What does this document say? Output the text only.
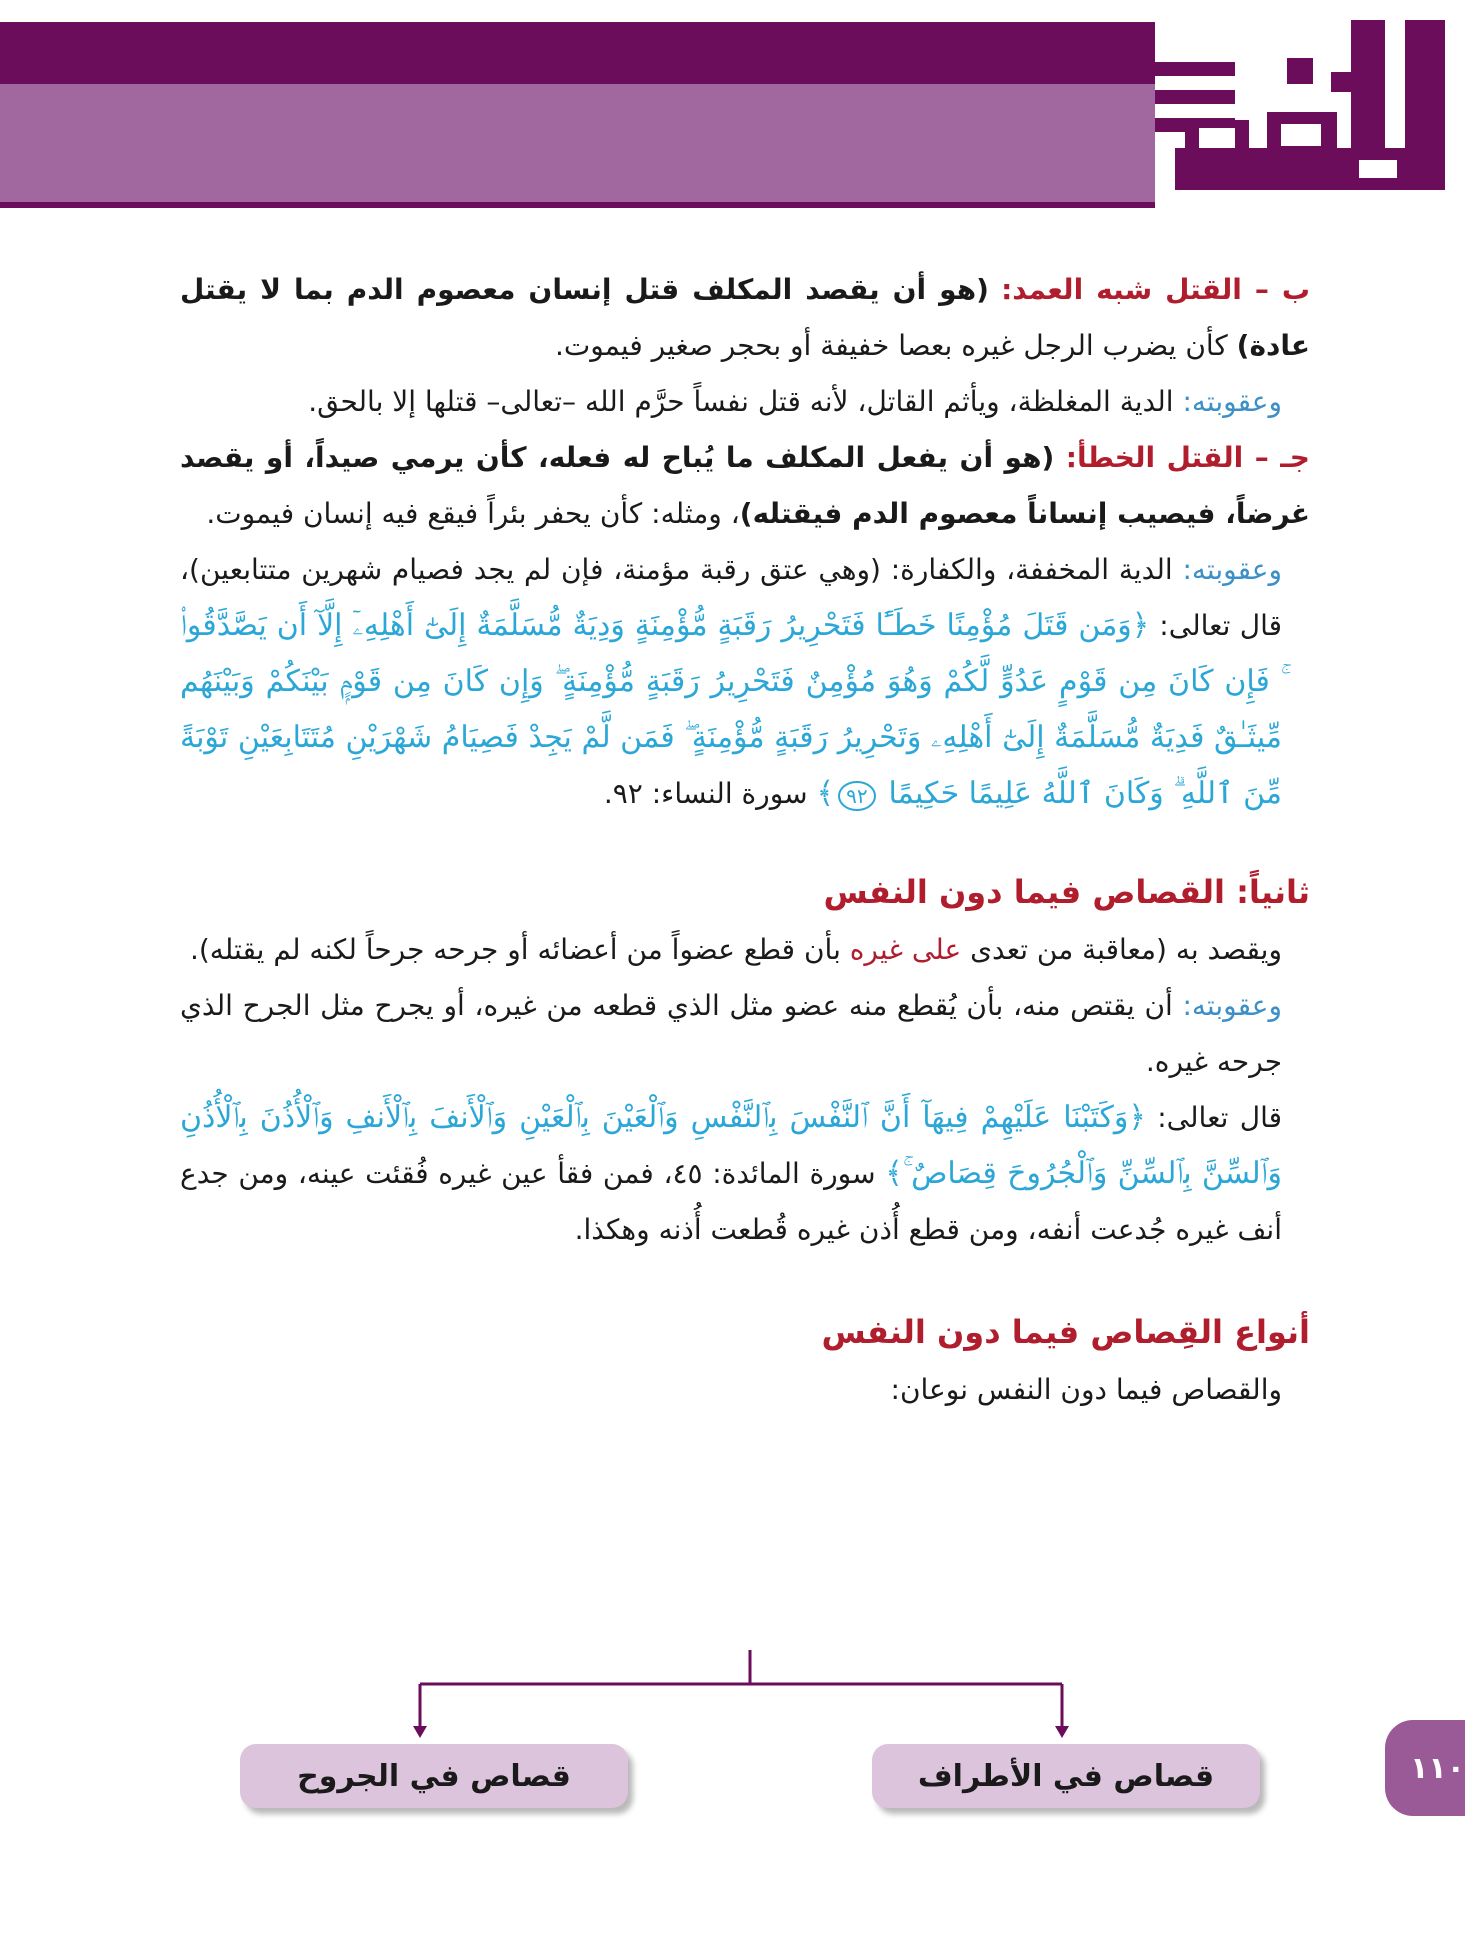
ب – القتل شبه العمد: (هو أن يقصد المكلف قتل إنسان معصوم الدم بما لا يقتل عادة) كأن يضرب الرجل غيره بعصا خفيفة أو بحجر صغير فيموت.

وعقوبته: الدية المغلظة، ويأثم القاتل، لأنه قتل نفساً حرَّم الله –تعالى– قتلها إلا بالحق.

جـ – القتل الخطأ: (هو أن يفعل المكلف ما يُباح له فعله، كأن يرمي صيداً، أو يقصد غرضاً، فيصيب إنساناً معصوم الدم فيقتله)، ومثله: كأن يحفر بئراً فيقع فيه إنسان فيموت.

وعقوبته: الدية المخففة، والكفارة: (وهي عتق رقبة مؤمنة، فإن لم يجد فصيام شهرين متتابعين)، قال تعالى: ﴿وَمَن قَتَلَ مُؤْمِنًا خَطَـًٔا فَتَحْرِيرُ رَقَبَةٍ مُّؤْمِنَةٍ وَدِيَةٌ مُّسَلَّمَةٌ إِلَىٰٓ أَهْلِهِۦٓ إِلَّآ أَن يَصَّدَّقُوا۟ ۚ فَإِن كَانَ مِن قَوْمٍ عَدُوٍّ لَّكُمْ وَهُوَ مُؤْمِنٌ فَتَحْرِيرُ رَقَبَةٍ مُّؤْمِنَةٍ ۖ وَإِن كَانَ مِن قَوْمٍۭ بَيْنَكُمْ وَبَيْنَهُم مِّيثَـٰقٌ فَدِيَةٌ مُّسَلَّمَةٌ إِلَىٰٓ أَهْلِهِۦ وَتَحْرِيرُ رَقَبَةٍ مُّؤْمِنَةٍ ۖ فَمَن لَّمْ يَجِدْ فَصِيَامُ شَهْرَيْنِ مُتَتَابِعَيْنِ تَوْبَةً مِّنَ ٱللَّهِ ۗ وَكَانَ ٱللَّهُ عَلِيمًا حَكِيمًا ٩٢﴾ سورة النساء: ٩٢.

ثانياً: القصاص فيما دون النفس

ويقصد به (معاقبة من تعدى على غيره بأن قطع عضواً من أعضائه أو جرحه جرحاً لكنه لم يقتله).

وعقوبته: أن يقتص منه، بأن يُقطع منه عضو مثل الذي قطعه من غيره، أو يجرح مثل الجرح الذي جرحه غيره.

قال تعالى: ﴿وَكَتَبْنَا عَلَيْهِمْ فِيهَآ أَنَّ ٱلنَّفْسَ بِٱلنَّفْسِ وَٱلْعَيْنَ بِٱلْعَيْنِ وَٱلْأَنفَ بِٱلْأَنفِ وَٱلْأُذُنَ بِٱلْأُذُنِ وَٱلسِّنَّ بِٱلسِّنِّ وَٱلْجُرُوحَ قِصَاصٌ ۚ﴾ سورة المائدة: ٤٥، فمن فقأ عين غيره فُقئت عينه، ومن جدع أنف غيره جُدعت أنفه، ومن قطع أُذن غيره قُطعت أُذنه وهكذا.

أنواع القِصاص فيما دون النفس

والقصاص فيما دون النفس نوعان:

قصاص في الأطراف
قصاص في الجروح	١١٠
